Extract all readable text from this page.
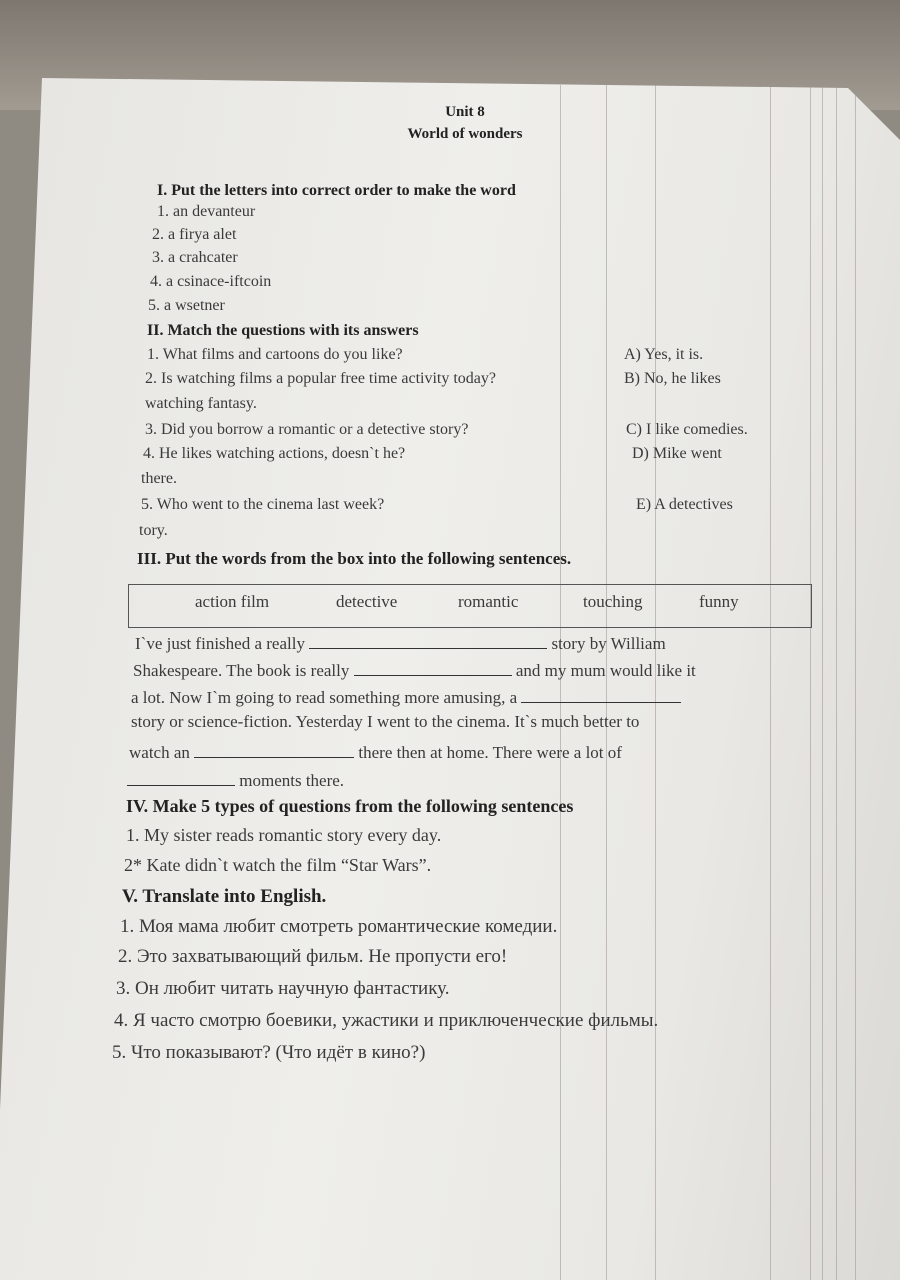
Unit 8
World of wonders
I. Put the letters into correct order to make the word
1. an devanteur
2. a firya alet
3. a crahcater
4. a csinace-iftcoin
5. a wsetner
II. Match the questions with its answers
1. What films and cartoons do you like?	A) Yes, it is.
2. Is watching films a popular free time activity today?	B) No, he likes
watching fantasy.
3. Did you borrow a romantic or a detective story?	C) I like comedies.
4. He likes watching actions, doesn`t he?	D) Mike went
there.
5. Who went to the cinema last week?	E) A detectives
tory.
III. Put the words from the box into the following sentences.
action film	detective	romantic	touching	funny
I`ve just finished a really	story by William
Shakespeare. The book is really	and my mum would like it
a lot. Now I`m going to read something more amusing, a
story or science-fiction. Yesterday I went to the cinema. It`s much better to
watch an	there then at home. There were a lot of
moments there.
IV. Make 5 types of questions from the following sentences
1. My sister reads romantic story every day.
2* Kate didn`t watch the film “Star Wars”.
V. Translate into English.
1. Моя мама любит смотреть романтические комедии.
2. Это захватывающий фильм. Не пропусти его!
3. Он любит читать научную фантастику.
4. Я часто смотрю боевики, ужастики и приключенческие фильмы.
5. Что показывают? (Что идёт в кино?)
